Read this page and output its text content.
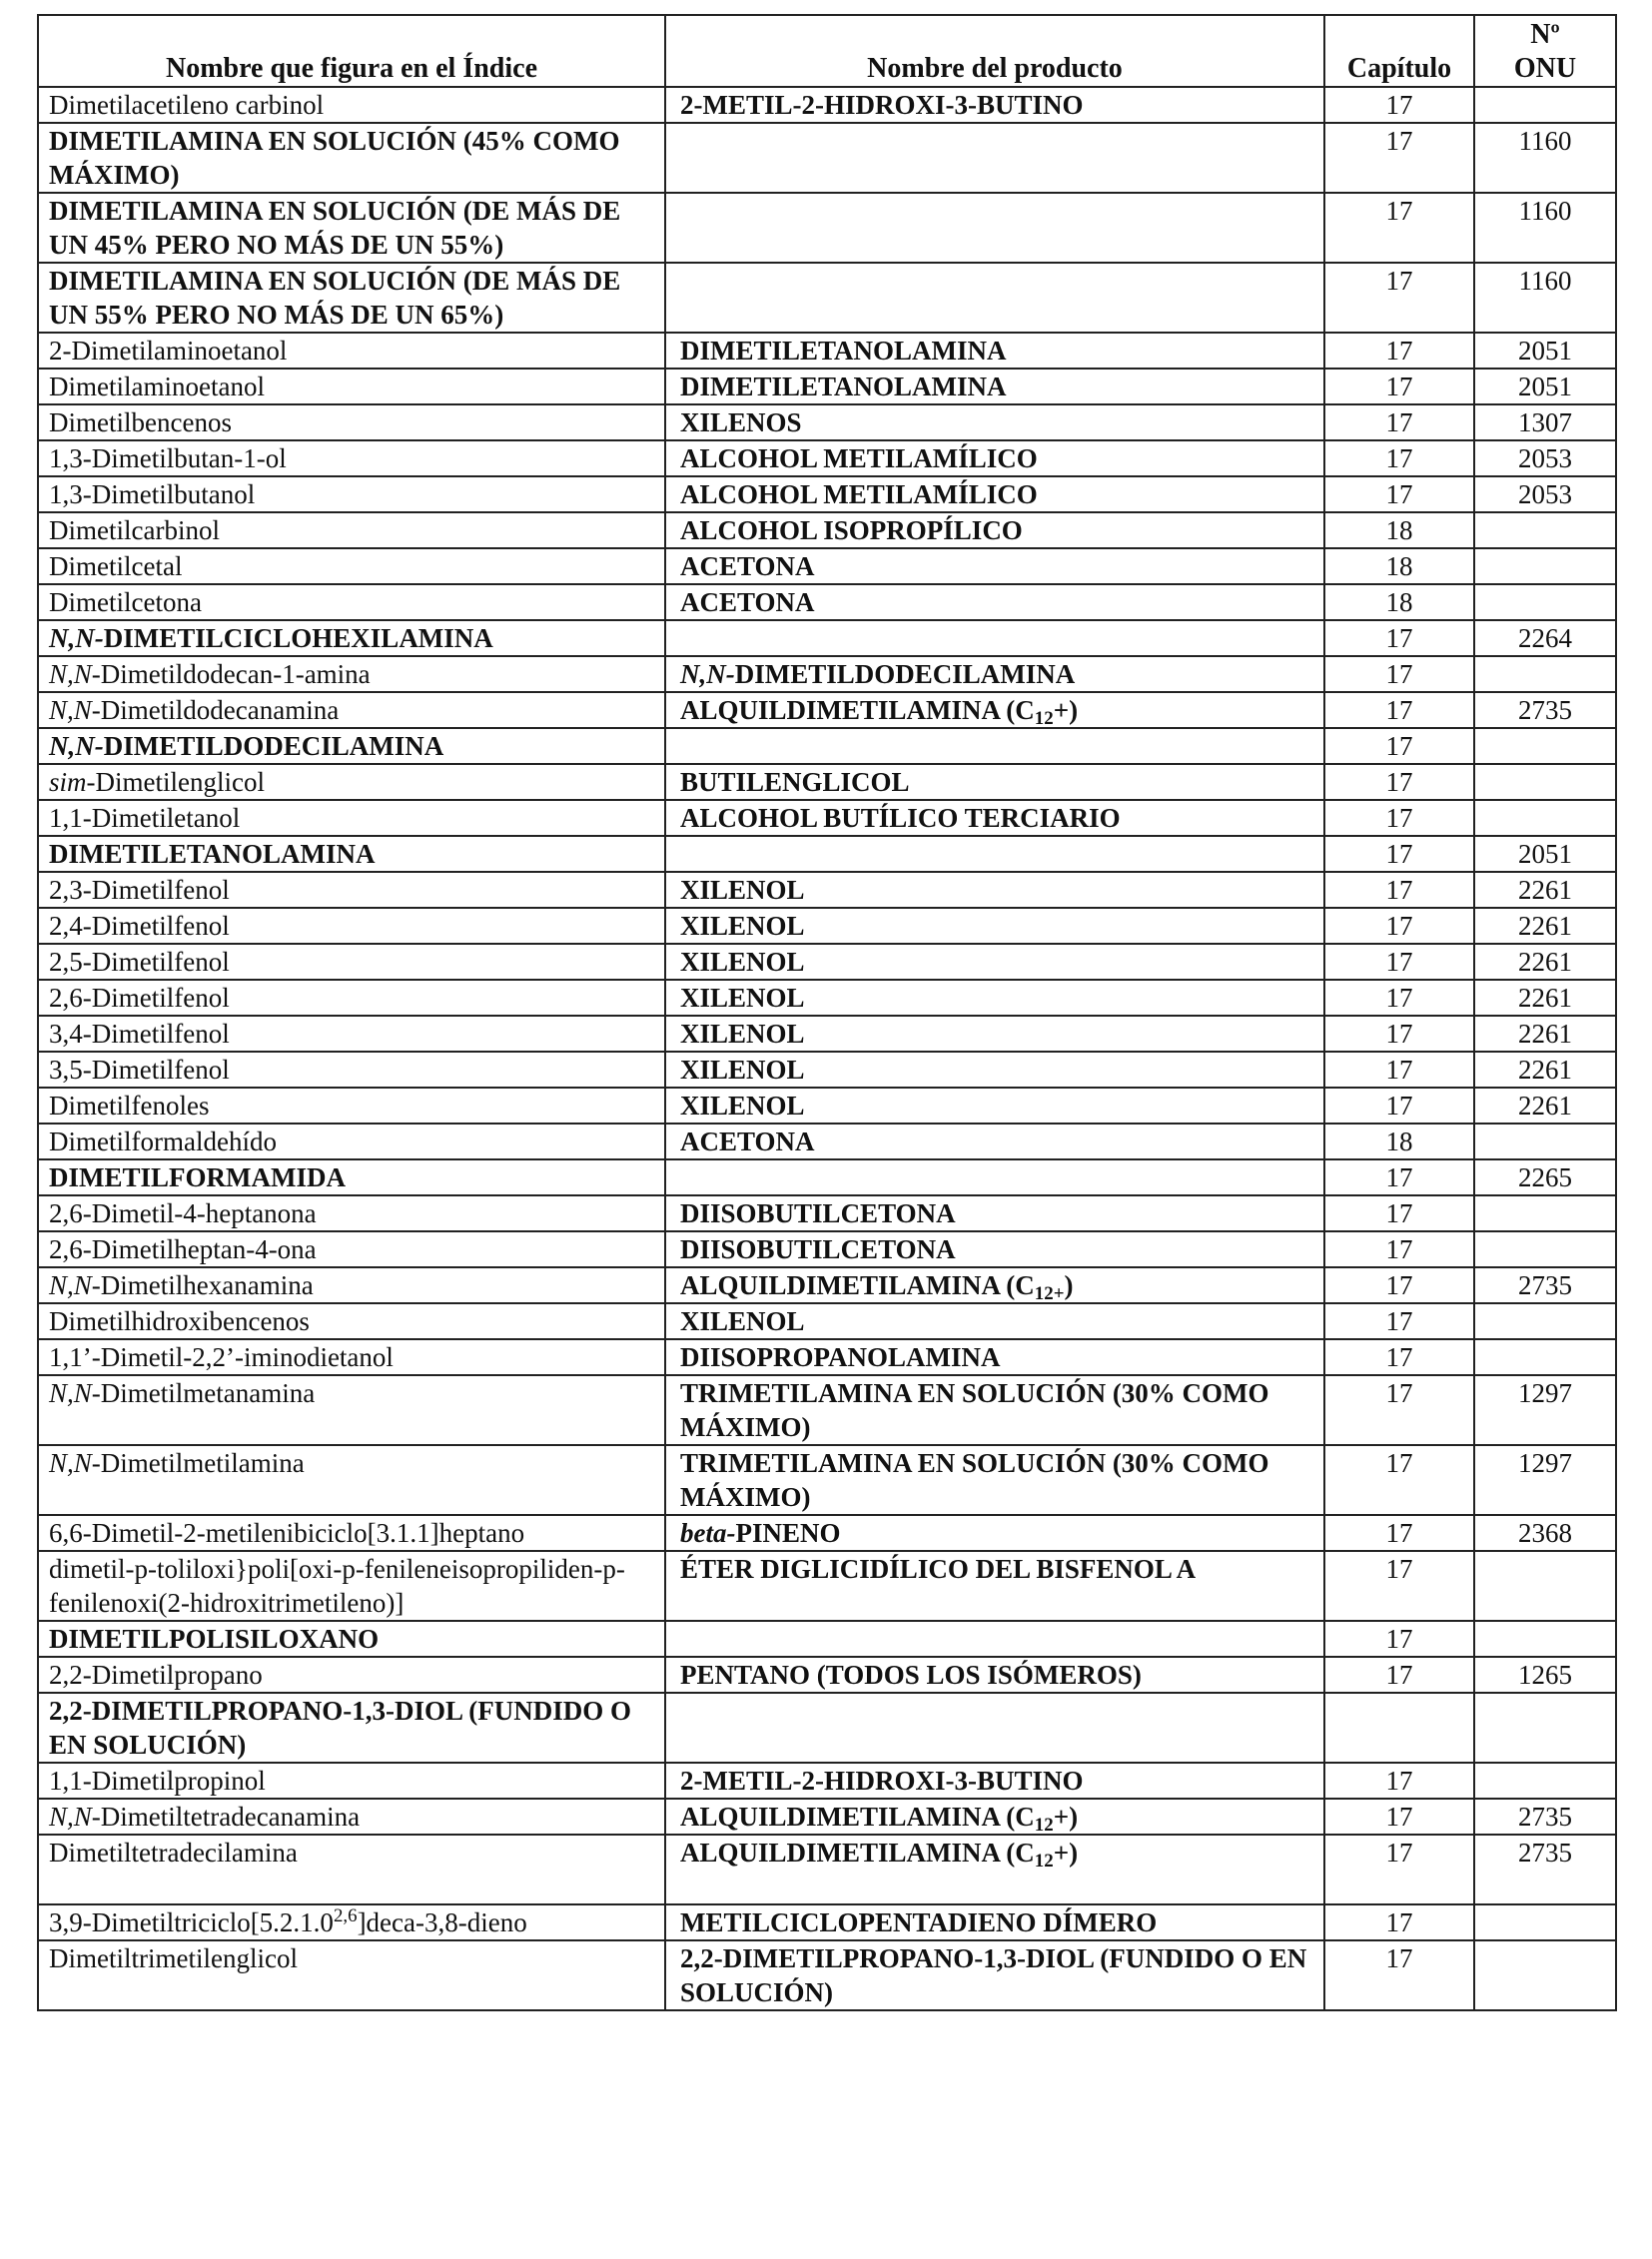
Nombre que figura en el Índice	Nombre del producto	Capítulo	Nº
ONU
Dimetilacetileno carbinol	2-METIL-2-HIDROXI-3-BUTINO	17	
DIMETILAMINA EN SOLUCIÓN (45% COMO MÁXIMO)		17	1160
DIMETILAMINA EN SOLUCIÓN (DE MÁS DE UN 45% PERO NO MÁS DE UN 55%)		17	1160
DIMETILAMINA EN SOLUCIÓN (DE MÁS DE UN 55% PERO NO MÁS DE UN 65%)		17	1160
2-Dimetilaminoetanol	DIMETILETANOLAMINA	17	2051
Dimetilaminoetanol	DIMETILETANOLAMINA	17	2051
Dimetilbencenos	XILENOS	17	1307
1,3-Dimetilbutan-1-ol	ALCOHOL METILAMÍLICO	17	2053
1,3-Dimetilbutanol	ALCOHOL METILAMÍLICO	17	2053
Dimetilcarbinol	ALCOHOL ISOPROPÍLICO	18	
Dimetilcetal	ACETONA	18	
Dimetilcetona	ACETONA	18	
N,N-DIMETILCICLOHEXILAMINA		17	2264
N,N-Dimetildodecan-1-amina	N,N-DIMETILDODECILAMINA	17	
N,N-Dimetildodecanamina	ALQUILDIMETILAMINA $(C_{12}+)$	17	2735
N,N-DIMETILDODECILAMINA		17	
sim-Dimetilenglicol	BUTILENGLICOL	17	
1,1-Dimetiletanol	ALCOHOL BUTÍLICO TERCIARIO	17	
DIMETILETANOLAMINA		17	2051
2,3-Dimetilfenol	XILENOL	17	2261
2,4-Dimetilfenol	XILENOL	17	2261
2,5-Dimetilfenol	XILENOL	17	2261
2,6-Dimetilfenol	XILENOL	17	2261
3,4-Dimetilfenol	XILENOL	17	2261
3,5-Dimetilfenol	XILENOL	17	2261
Dimetilfenoles	XILENOL	17	2261
Dimetilformaldehído	ACETONA	18	
DIMETILFORMAMIDA		17	2265
2,6-Dimetil-4-heptanona	DIISOBUTILCETONA	17	
2,6-Dimetilheptan-4-ona	DIISOBUTILCETONA	17	
N,N-Dimetilhexanamina	ALQUILDIMETILAMINA $(C_{12+})$	17	2735
Dimetilhidroxibencenos	XILENOL	17	
1,1’-Dimetil-2,2’-iminodietanol	DIISOPROPANOLAMINA	17	
N,N-Dimetilmetanamina	TRIMETILAMINA EN SOLUCIÓN (30% COMO MÁXIMO)	17	1297
N,N-Dimetilmetilamina	TRIMETILAMINA EN SOLUCIÓN (30% COMO MÁXIMO)	17	1297
6,6-Dimetil-2-metilenibiciclo[3.1.1]heptano	beta-PINENO	17	2368
dimetil-p-toliloxi}poli[oxi-p-fenileneisopropiliden-p-fenilenoxi(2-hidroxitrimetileno)]	ÉTER DIGLICIDÍLICO DEL BISFENOL A	17	
DIMETILPOLISILOXANO		17	
2,2-Dimetilpropano	PENTANO (TODOS LOS ISÓMEROS)	17	1265
2,2-DIMETILPROPANO-1,3-DIOL (FUNDIDO O EN SOLUCIÓN)			
1,1-Dimetilpropinol	2-METIL-2-HIDROXI-3-BUTINO	17	
N,N-Dimetiltetradecanamina	ALQUILDIMETILAMINA $(C_{12}+)$	17	2735
Dimetiltetradecilamina	ALQUILDIMETILAMINA $(C_{12}+)$	17	2735
3,9-Dimetiltriciclo[5.2.1.0$^{2,6}$]deca-3,8-dieno	METILCICLOPENTADIENO DÍMERO	17	
Dimetiltrimetilenglicol	2,2-DIMETILPROPANO-1,3-DIOL (FUNDIDO O EN SOLUCIÓN)	17	
